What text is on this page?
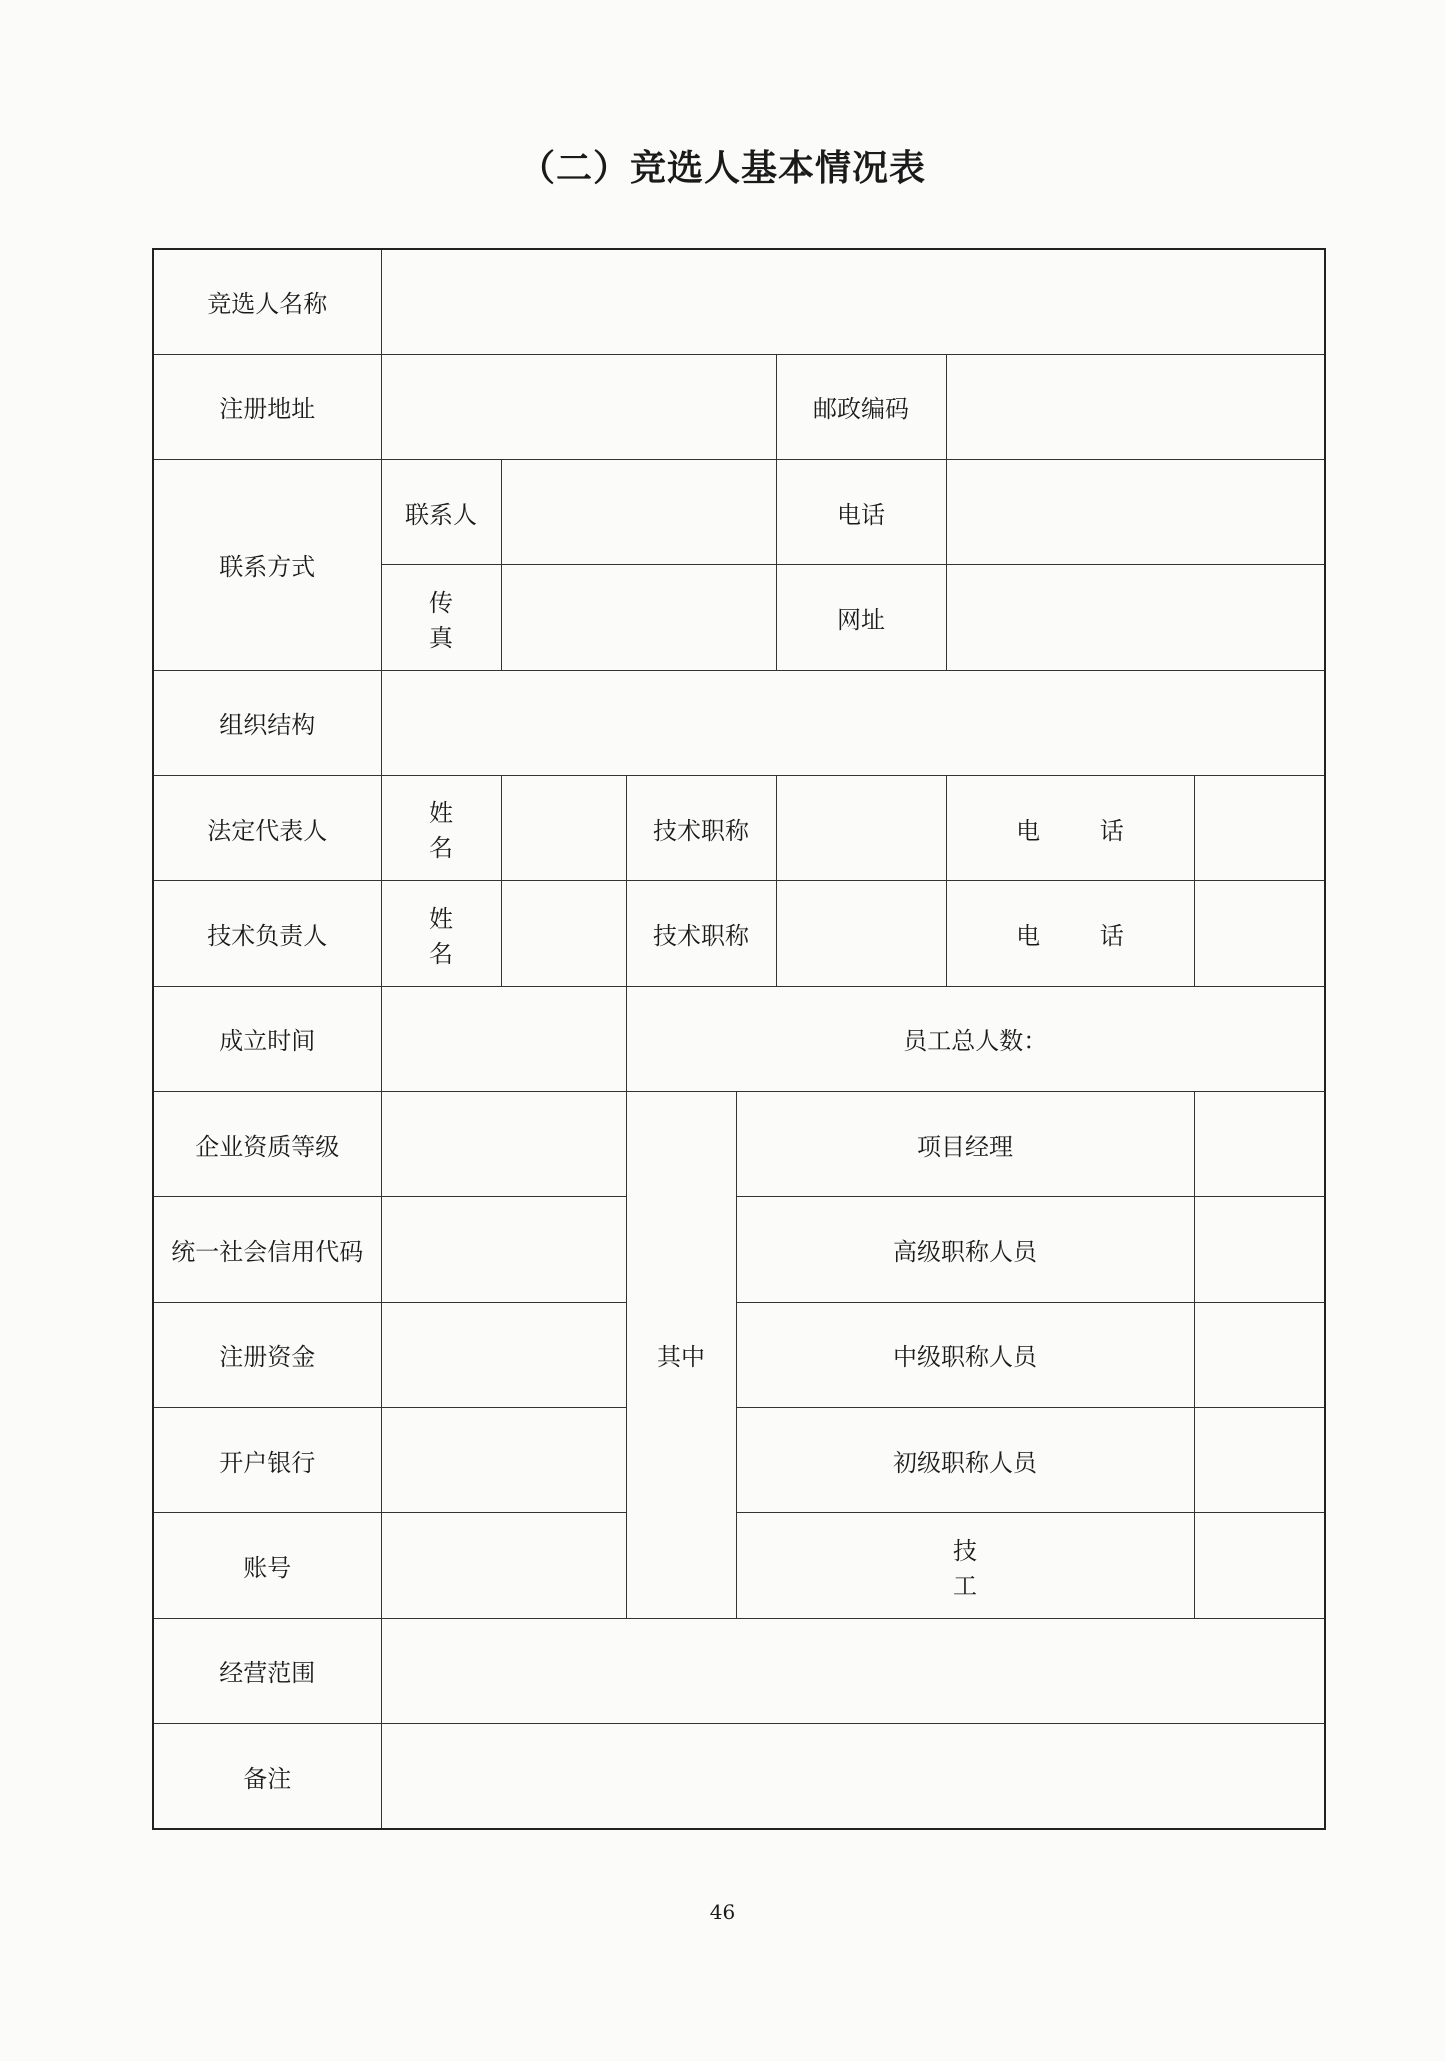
（二）竞选人基本情况表
竞选人名称							
注册地址					邮政编码		
联系方式	联系人				电话		
	传 真				网址		
组织结构							
法定代表人	姓 名		技术职称			电 话	
技术负责人	姓 名		技术职称			电 话	
成立时间			员工总人数：				
企业资质等级			其中	项目经理			
统一社会信用代码				高级职称人员			
注册资金				中级职称人员			
开户银行				初级职称人员			
账号				技 工			
经营范围							
备注							
46
